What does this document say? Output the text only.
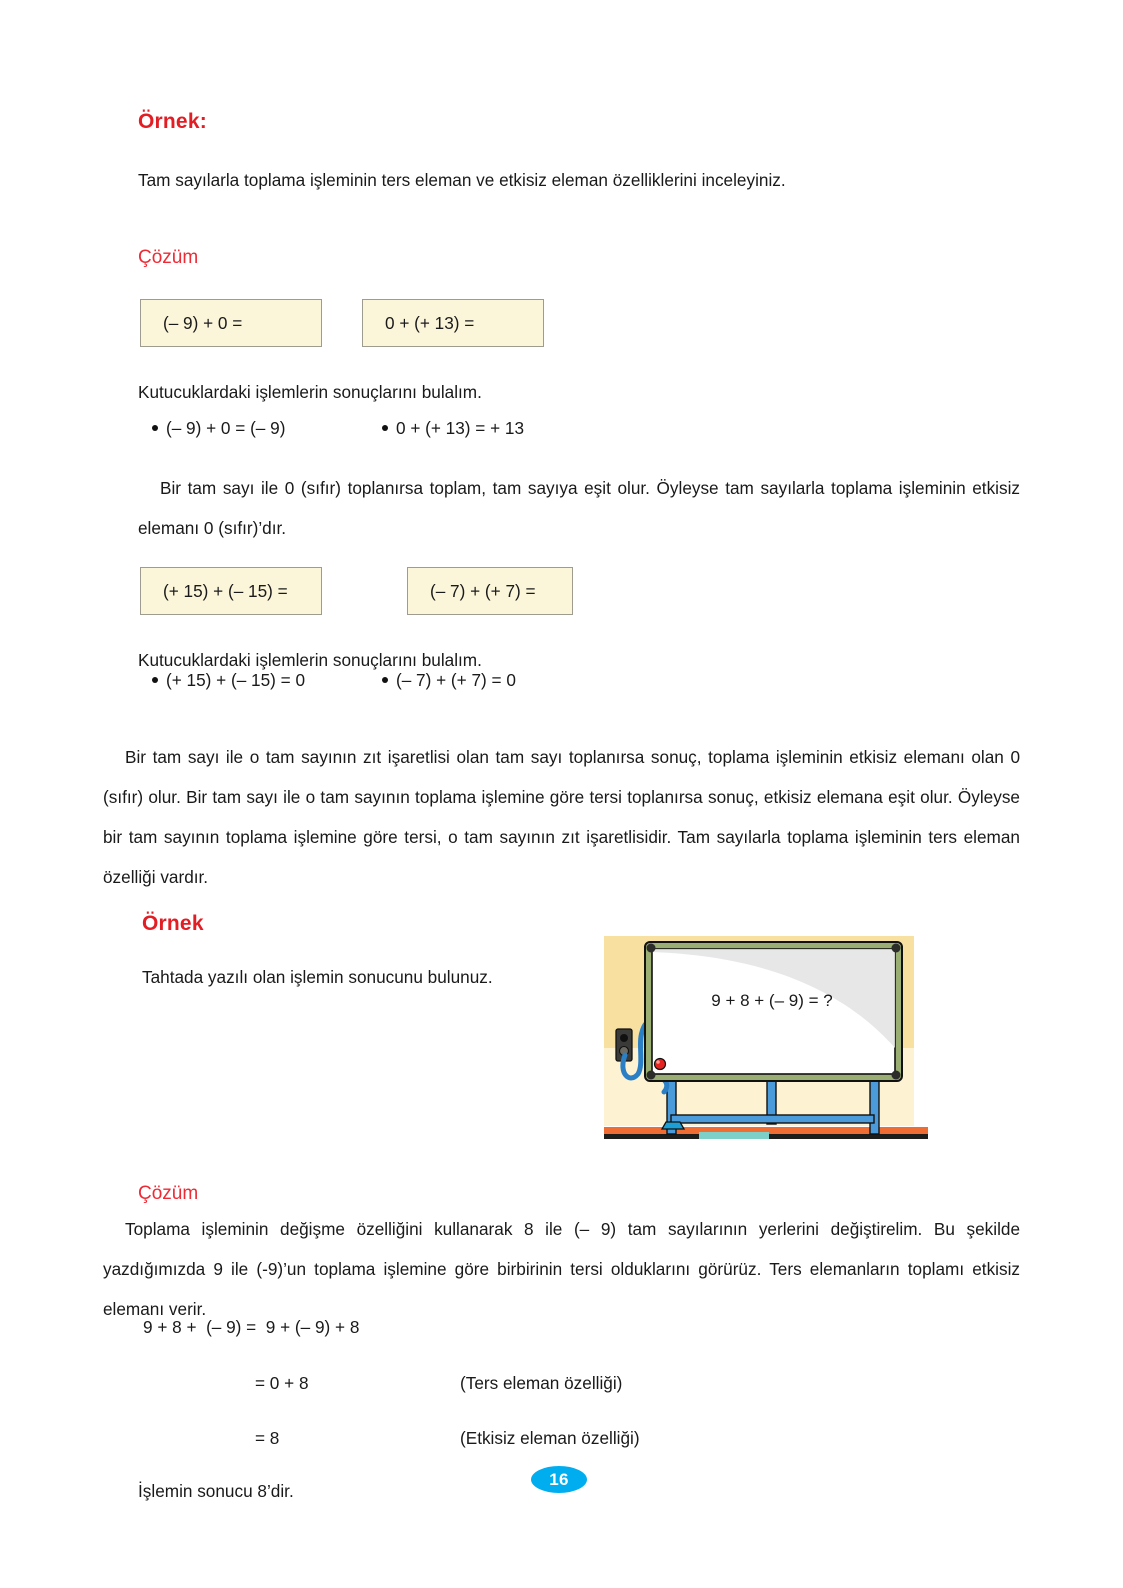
Örnek:
Tam sayılarla toplama işleminin ters eleman ve etkisiz eleman özelliklerini inceleyiniz.
Çözüm
(– 9) + 0 =	0 + (+ 13) =
Kutucuklardaki işlemlerin sonuçlarını bulalım.
(– 9) + 0 = (– 9)	0 + (+ 13) = + 13
Bir tam sayı ile 0 (sıfır) toplanırsa toplam, tam sayıya eşit olur. Öyleyse tam sayılarla toplama işleminin etkisiz elemanı 0 (sıfır)’dır.
(+ 15) + (– 15) =	(– 7) + (+ 7) =
Kutucuklardaki işlemlerin sonuçlarını bulalım.
(+ 15) + (– 15) = 0	(– 7) + (+ 7) = 0
Bir tam sayı ile o tam sayının zıt işaretlisi olan tam sayı toplanırsa sonuç, toplama işleminin etkisiz elemanı olan 0 (sıfır) olur. Bir tam sayı ile o tam sayının toplama işlemine göre tersi toplanırsa sonuç, etkisiz elemana eşit olur. Öyleyse bir tam sayının toplama işlemine göre tersi, o tam sayının zıt işaretlisidir. Tam sayılarla toplama işleminin ters eleman özelliği vardır.
Örnek
Tahtada yazılı olan işlemin sonucunu bulunuz.
9 + 8 + (– 9) = ?
Çözüm
Toplama işleminin değişme özelliğini kullanarak 8 ile (– 9) tam sayılarının yerlerini değiştirelim. Bu şekilde yazdığımızda 9 ile (-9)’un toplama işlemine göre birbirinin tersi olduklarını görürüz. Ters elemanların toplamı etkisiz elemanı verir.
9 + 8 +  (– 9) =  9 + (– 9) + 8
= 0 + 8	(Ters eleman özelliği)
= 8	(Etkisiz eleman özelliği)
İşlemin sonucu 8’dir.
16
